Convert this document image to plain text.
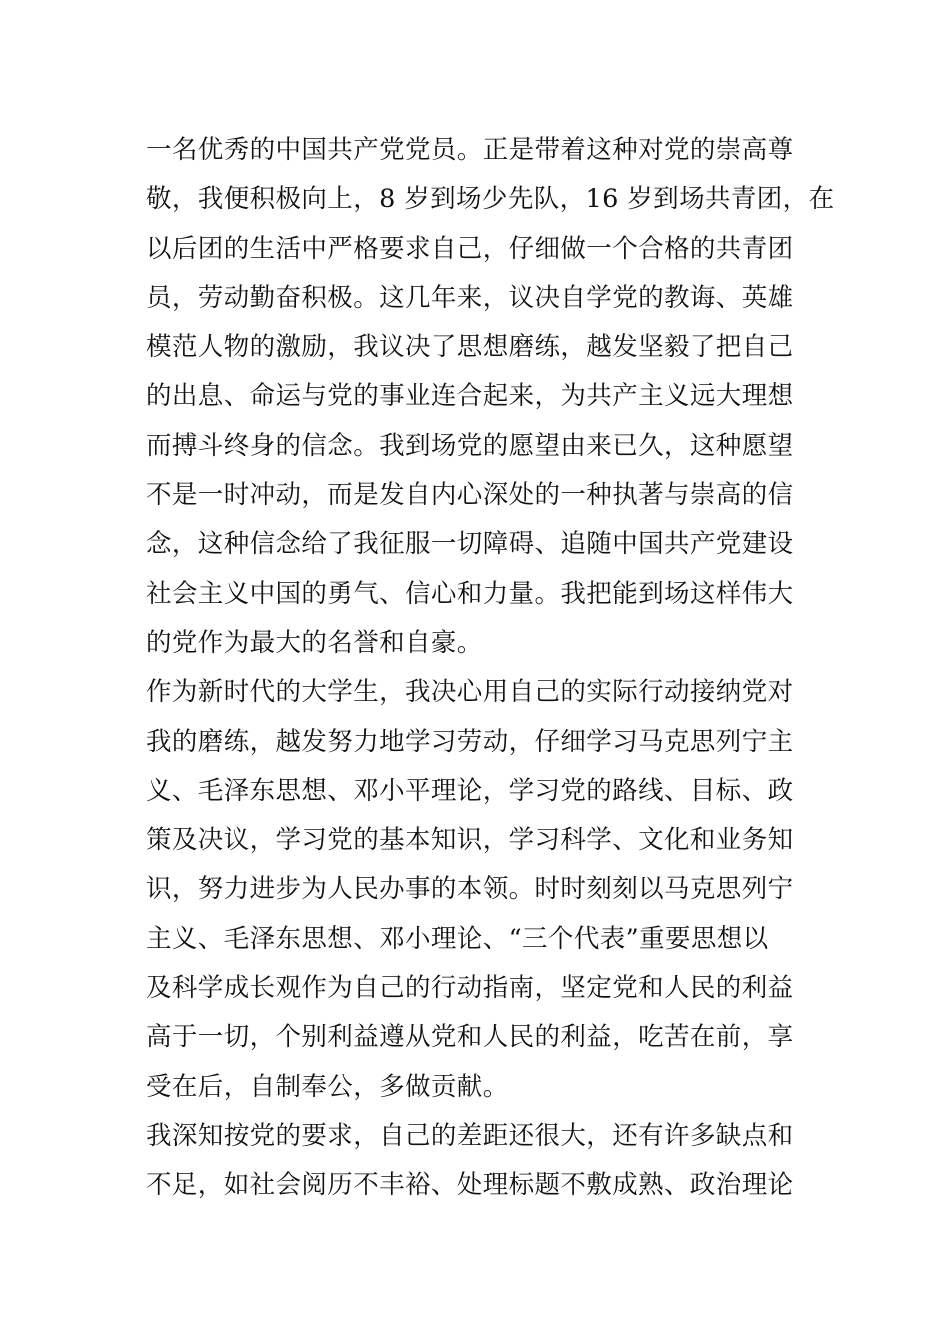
一名优秀的中国共产党党员。正是带着这种对党的崇高尊
敬，我便积极向上，8 岁到场少先队，16 岁到场共青团，在
以后团的生活中严格要求自己，仔细做一个合格的共青团
员，劳动勤奋积极。这几年来，议决自学党的教诲、英雄
模范人物的激励，我议决了思想磨练，越发坚毅了把自己
的出息、命运与党的事业连合起来，为共产主义远大理想
而搏斗终身的信念。我到场党的愿望由来已久，这种愿望
不是一时冲动，而是发自内心深处的一种执著与崇高的信
念，这种信念给了我征服一切障碍、追随中国共产党建设
社会主义中国的勇气、信心和力量。我把能到场这样伟大
的党作为最大的名誉和自豪。
作为新时代的大学生，我决心用自己的实际行动接纳党对
我的磨练，越发努力地学习劳动，仔细学习马克思列宁主
义、毛泽东思想、邓小平理论，学习党的路线、目标、政
策及决议，学习党的基本知识，学习科学、文化和业务知
识，努力进步为人民办事的本领。时时刻刻以马克思列宁
主义、毛泽东思想、邓小理论、“三个代表”重要思想以
及科学成长观作为自己的行动指南，坚定党和人民的利益
高于一切，个别利益遵从党和人民的利益，吃苦在前，享
受在后，自制奉公，多做贡献。
我深知按党的要求，自己的差距还很大，还有许多缺点和
不足，如社会阅历不丰裕、处理标题不敷成熟、政治理论
